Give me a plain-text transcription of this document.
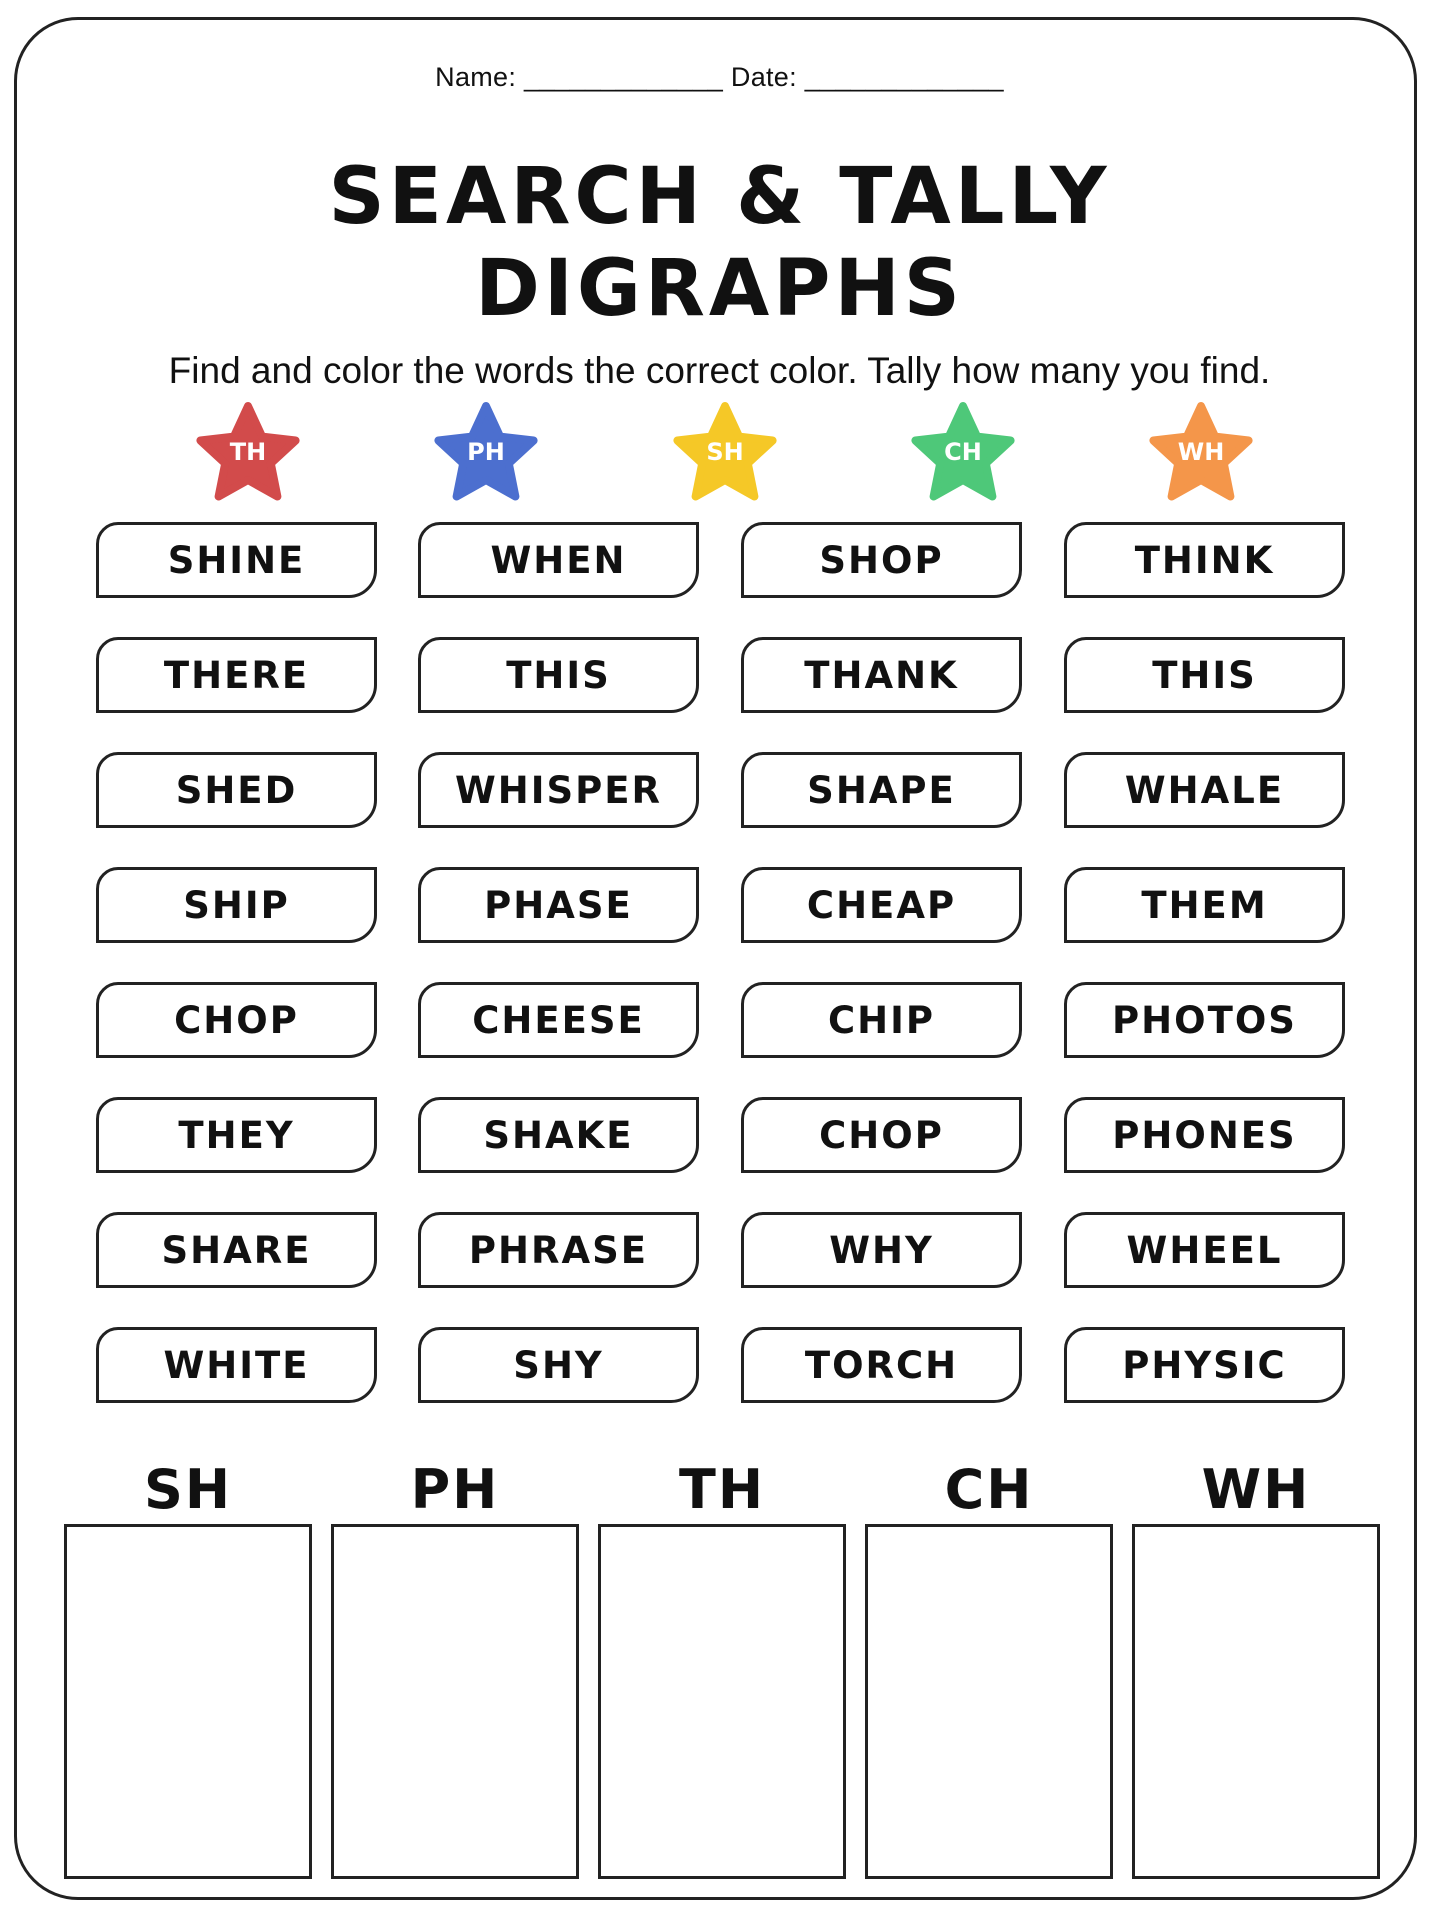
Name: _____________ Date: _____________
SEARCH & TALLY
DIGRAPHS
Find and color the words the correct color. Tally how many you find.
TH	PH	SH	CH	WH
SHINE	WHEN	SHOP	THINK
THERE	THIS	THANK	THIS
SHED	WHISPER	SHAPE	WHALE
SHIP	PHASE	CHEAP	THEM
CHOP	CHEESE	CHIP	PHOTOS
THEY	SHAKE	CHOP	PHONES
SHARE	PHRASE	WHY	WHEEL
WHITE	SHY	TORCH	PHYSIC
SH	PH	TH	CH	WH
